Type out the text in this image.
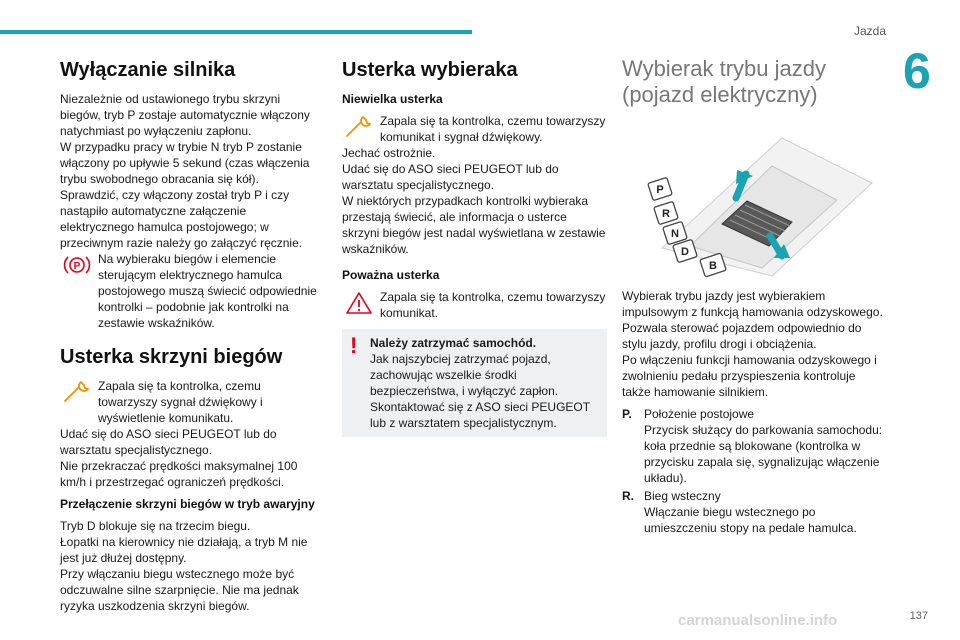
Jazda
6
Wyłączanie silnika

Niezależnie od ustawionego trybu skrzyni biegów, tryb P zostaje automatycznie włączony natychmiast po wyłączeniu zapłonu.

W przypadku pracy w trybie N tryb P zostanie włączony po upływie 5 sekund (czas włączenia trybu swobodnego obracania się kół).

Sprawdzić, czy włączony został tryb P i czy nastąpiło automatyczne załączenie elektrycznego hamulca postojowego; w przeciwnym razie należy go załączyć ręcznie.

P

Na wybieraku biegów i elemencie sterującym elektrycznego hamulca postojowego muszą świecić odpowiednie kontrolki – podobnie jak kontrolki na zestawie wskaźników.

Usterka skrzyni biegów

Zapala się ta kontrolka, czemu towarzyszy sygnał dźwiękowy i wyświetlenie komunikatu.

Udać się do ASO sieci PEUGEOT lub do warsztatu specjalistycznego.

Nie przekraczać prędkości maksymalnej 100 km/h i przestrzegać ograniczeń prędkości.

Przełączenie skrzyni biegów w tryb awaryjny

Tryb D blokuje się na trzecim biegu.

Łopatki na kierownicy nie działają, a tryb M nie jest już dłużej dostępny.

Przy włączaniu biegu wstecznego może być odczuwalne silne szarpnięcie. Nie ma jednak ryzyka uszkodzenia skrzyni biegów.

Usterka wybieraka
Niewielka usterka

Zapala się ta kontrolka, czemu towarzyszy komunikat i sygnał dźwiękowy.

Jechać ostrożnie.

Udać się do ASO sieci PEUGEOT lub do warsztatu specjalistycznego.

W niektórych przypadkach kontrolki wybieraka przestają świecić, ale informacja o usterce skrzyni biegów jest nadal wyświetlana w zestawie wskaźników.

Poważna usterka

Zapala się ta kontrolka, czemu towarzyszy komunikat.

!	Należy zatrzymać samochód.

Jak najszybciej zatrzymać pojazd, zachowując wszelkie środki bezpieczeństwa, i wyłączyć zapłon.

Skontaktować się z ASO sieci PEUGEOT lub z warsztatem specjalistycznym.

Wybierak trybu jazdy (pojazd elektryczny)
P
R
N
D
B

Wybierak trybu jazdy jest wybierakiem impulsowym z funkcją hamowania odzyskowego.

Pozwala sterować pojazdem odpowiednio do stylu jazdy, profilu drogi i obciążenia.

Po włączeniu funkcji hamowania odzyskowego i zwolnieniu pedału przyspieszenia kontroluje także hamowanie silnikiem.

P.	Położenie postojowe

Przycisk służący do parkowania samochodu: koła przednie są blokowane (kontrolka w przycisku zapala się, sygnalizując włączenie układu).

R. Bieg wsteczny

Włączanie biegu wstecznego po umieszczeniu stopy na pedale hamulca.

carmanualsonline.info	137
